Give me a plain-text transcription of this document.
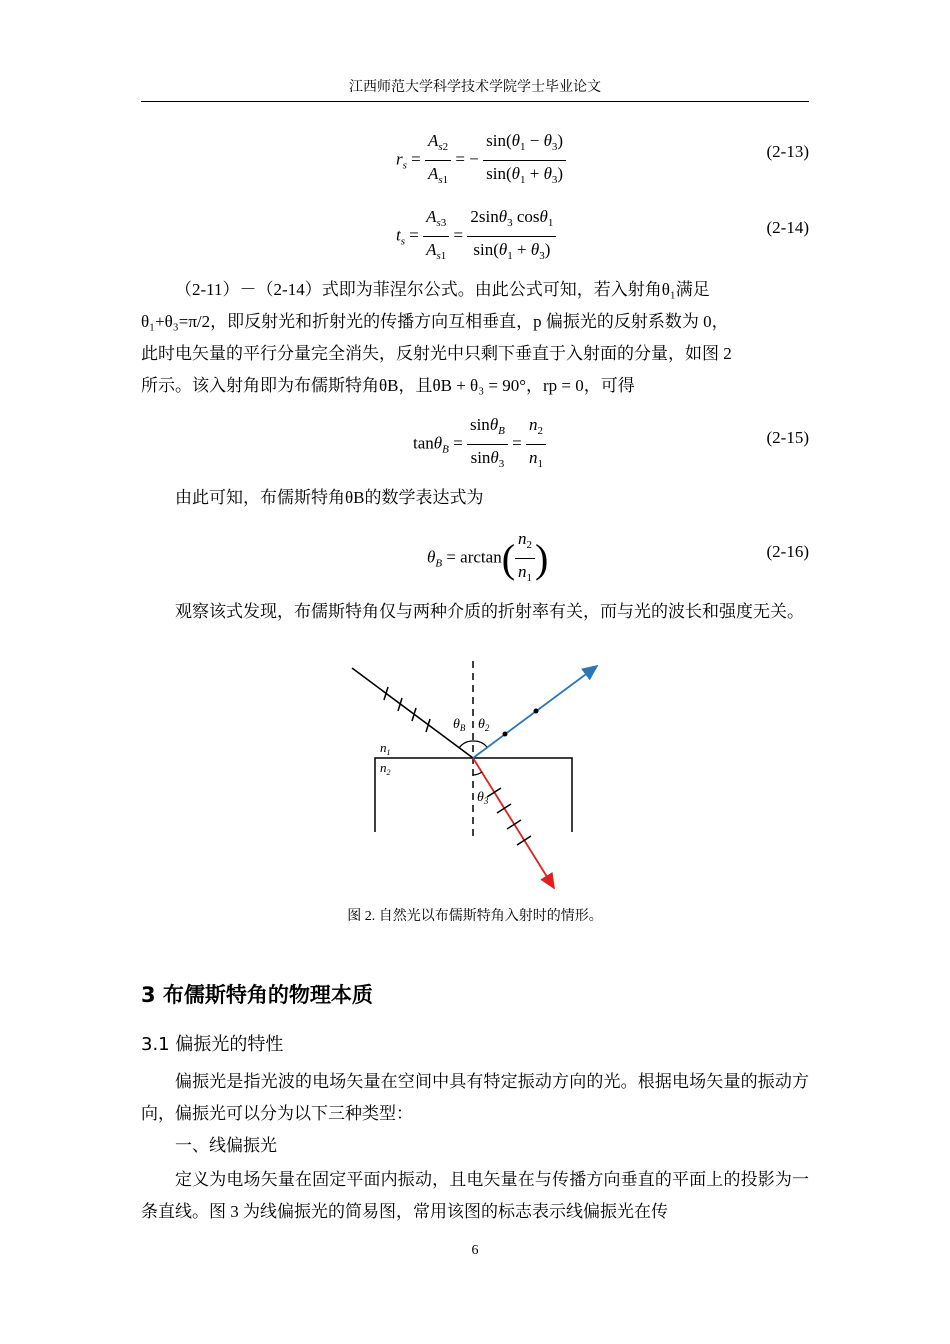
江西师范大学科学技术学院学士毕业论文
$r_s = \frac{A_{s2}}{A_{s1}}$ = − $\frac{\sin(\theta_1 - \theta_3)}{\sin(\theta_1 + \theta_3)}$	(2-13)
$t_s = \frac{A_{s3}}{A_{s1}} = \frac{2\sin\theta_3 \cos\theta_1}{\sin(\theta_1 + \theta_3)}$	(2-14)
（2-11）－（2-14）式即为菲涅尔公式。由此公式可知，若入射角θ₁满足
θ₁+θ₃=π/2，即反射光和折射光的传播方向互相垂直，p 偏振光的反射系数为 0，
此时电矢量的平行分量完全消失，反射光中只剩下垂直于入射面的分量，如图 2
所示。该入射角即为布儒斯特角θB，且θB + θ₃ = 90°，rp = 0，可得
$\tan\theta_B = \frac{\sin\theta_B}{\sin\theta_3} = \frac{n_2}{n_1}$	(2-15)
由此可知，布儒斯特角θB的数学表达式为
$\theta_B = \arctan( \frac{n_2}{n_1}$ )	(2-16)
观察该式发现，布儒斯特角仅与两种介质的折射率有关，而与光的波长和强度无关。
$\theta_B$ $\theta_2$
$\theta_3$
$n_1$
$n_2$
图 2. 自然光以布儒斯特角入射时的情形。
3 布儒斯特角的物理本质
3.1 偏振光的特性
偏振光是指光波的电场矢量在空间中具有特定振动方向的光。根据电场矢量的振动方向，偏振光可以分为以下三种类型：
一、线偏振光
定义为电场矢量在固定平面内振动，且电矢量在与传播方向垂直的平面上的投影为一条直线。图 3 为线偏振光的简易图，常用该图的标志表示线偏振光在传
6
